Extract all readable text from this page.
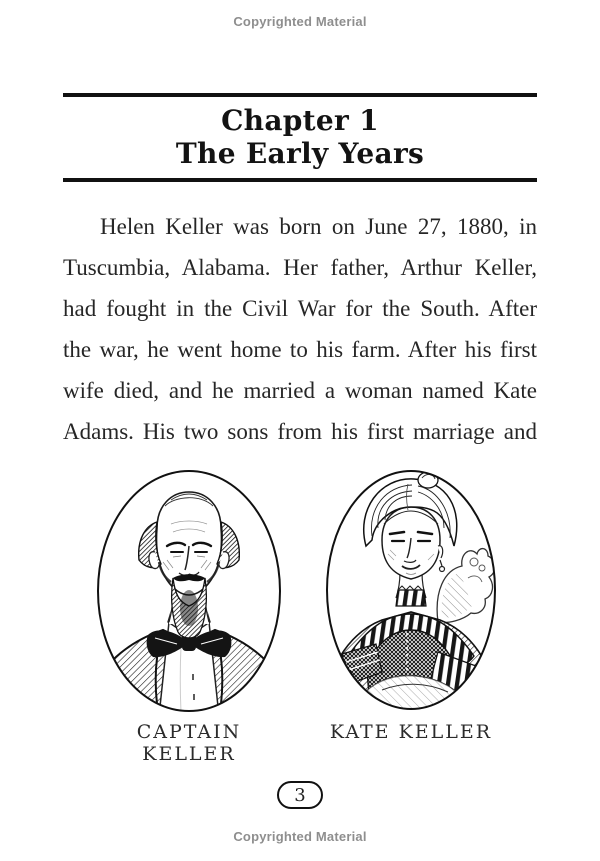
Copyrighted Material
Chapter 1
The Early Years
Helen Keller was born on June 27, 1880, in
Tuscumbia, Alabama. Her father, Arthur Keller,
had fought in the Civil War for the South. After
the war, he went home to his farm. After his first
wife died, and he married a woman named Kate
Adams. His two sons from his first marriage and
CAPTAIN KELLER
KATE KELLER
3
Copyrighted Material
